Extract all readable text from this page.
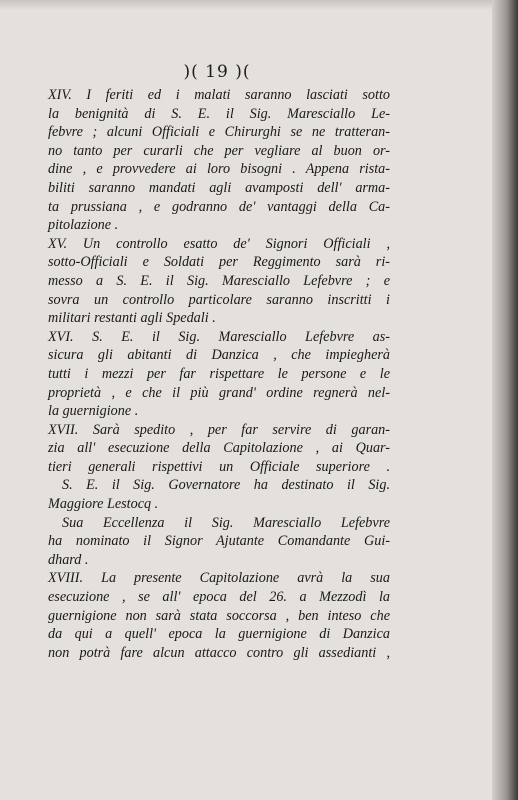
)( 19 )(
XIV. I feriti ed i malati saranno lasciati sotto
la benignità di S. E. il Sig. Maresciallo Le-
febvre ; alcuni Officiali e Chirurghi se ne tratteran-
no tanto per curarli che per vegliare al buon or-
dine , e provvedere ai loro bisogni . Appena rista-
biliti saranno mandati agli avamposti dell' arma-
ta prussiana , e godranno de' vantaggi della Ca-
pitolazione .
XV. Un controllo esatto de' Signori Officiali ,
sotto-Officiali e Soldati per Reggimento sarà ri-
messo a S. E. il Sig. Maresciallo Lefebvre ; e
sovra un controllo particolare saranno inscritti i
militari restanti agli Spedali .
XVI. S. E. il Sig. Maresciallo Lefebvre as-
sicura gli abitanti di Danzica , che impiegherà
tutti i mezzi per far rispettare le persone e le
proprietà , e che il più grand' ordine regnerà nel-
la guernigione .
XVII. Sarà spedito , per far servire di garan-
zia all' esecuzione della Capitolazione , ai Quar-
tieri generali rispettivi un Officiale superiore .
S. E. il Sig. Governatore ha destinato il Sig.
Maggiore Lestocq .
Sua Eccellenza il Sig. Maresciallo Lefebvre
ha nominato il Signor Ajutante Comandante Gui-
dhard .
XVIII. La presente Capitolazione avrà la sua
esecuzione , se all' epoca del 26. a Mezzodì la
guernigione non sarà stata soccorsa , ben inteso che
da qui a quell' epoca la guernigione di Danzica
non potrà fare alcun attacco contro gli assedianti ,
